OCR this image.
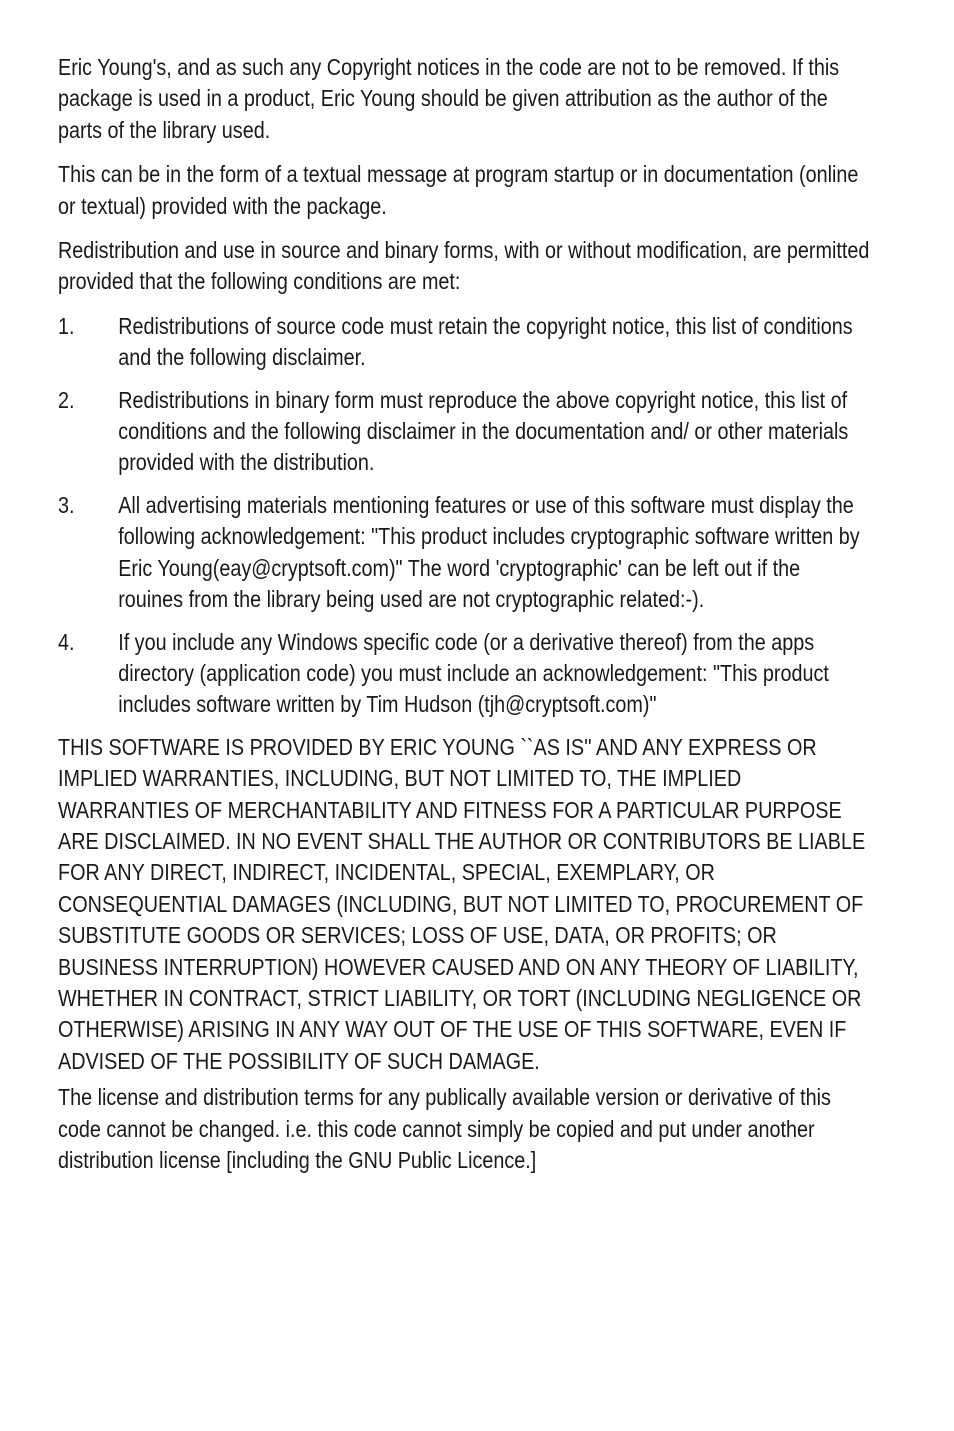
Eric Young's, and as such any Copyright notices in the code are not to be removed. If this package is used in a product, Eric Young should be given attribution as the author of the parts of the library used.

This can be in the form of a textual message at program startup or in documentation (online or textual) provided with the package.

Redistribution and use in source and binary forms, with or without modification, are permitted provided that the following conditions are met:

1.	Redistributions of source code must retain the copyright notice, this list of conditions and the following disclaimer.
2.	Redistributions in binary form must reproduce the above copyright notice, this list of conditions and the following disclaimer in the documentation and/ or other materials provided with the distribution.
3.	All advertising materials mentioning features or use of this software must display the following acknowledgement: "This product includes cryptographic software written by Eric Young(eay@cryptsoft.com)" The word 'cryptographic' can be left out if the rouines from the library being used are not cryptographic related:-).
4.	If you include any Windows specific code (or a derivative thereof) from the apps directory (application code) you must include an acknowledgement: "This product includes software written by Tim Hudson (tjh@cryptsoft.com)"

THIS SOFTWARE IS PROVIDED BY ERIC YOUNG ``AS IS'' AND ANY EXPRESS OR IMPLIED WARRANTIES, INCLUDING, BUT NOT LIMITED TO, THE IMPLIED WARRANTIES OF MERCHANTABILITY AND FITNESS FOR A PARTICULAR PURPOSE ARE DISCLAIMED. IN NO EVENT SHALL THE AUTHOR OR CONTRIBUTORS BE LIABLE FOR ANY DIRECT, INDIRECT, INCIDENTAL, SPECIAL, EXEMPLARY, OR CONSEQUENTIAL DAMAGES (INCLUDING, BUT NOT LIMITED TO, PROCUREMENT OF SUBSTITUTE GOODS OR SERVICES; LOSS OF USE, DATA, OR PROFITS; OR BUSINESS INTERRUPTION) HOWEVER CAUSED AND ON ANY THEORY OF LIABILITY, WHETHER IN CONTRACT, STRICT LIABILITY, OR TORT (INCLUDING NEGLIGENCE OR OTHERWISE) ARISING IN ANY WAY OUT OF THE USE OF THIS SOFTWARE, EVEN IF ADVISED OF THE POSSIBILITY OF SUCH DAMAGE.

The license and distribution terms for any publically available version or derivative of this code cannot be changed. i.e. this code cannot simply be copied and put under another distribution license [including the GNU Public Licence.]
